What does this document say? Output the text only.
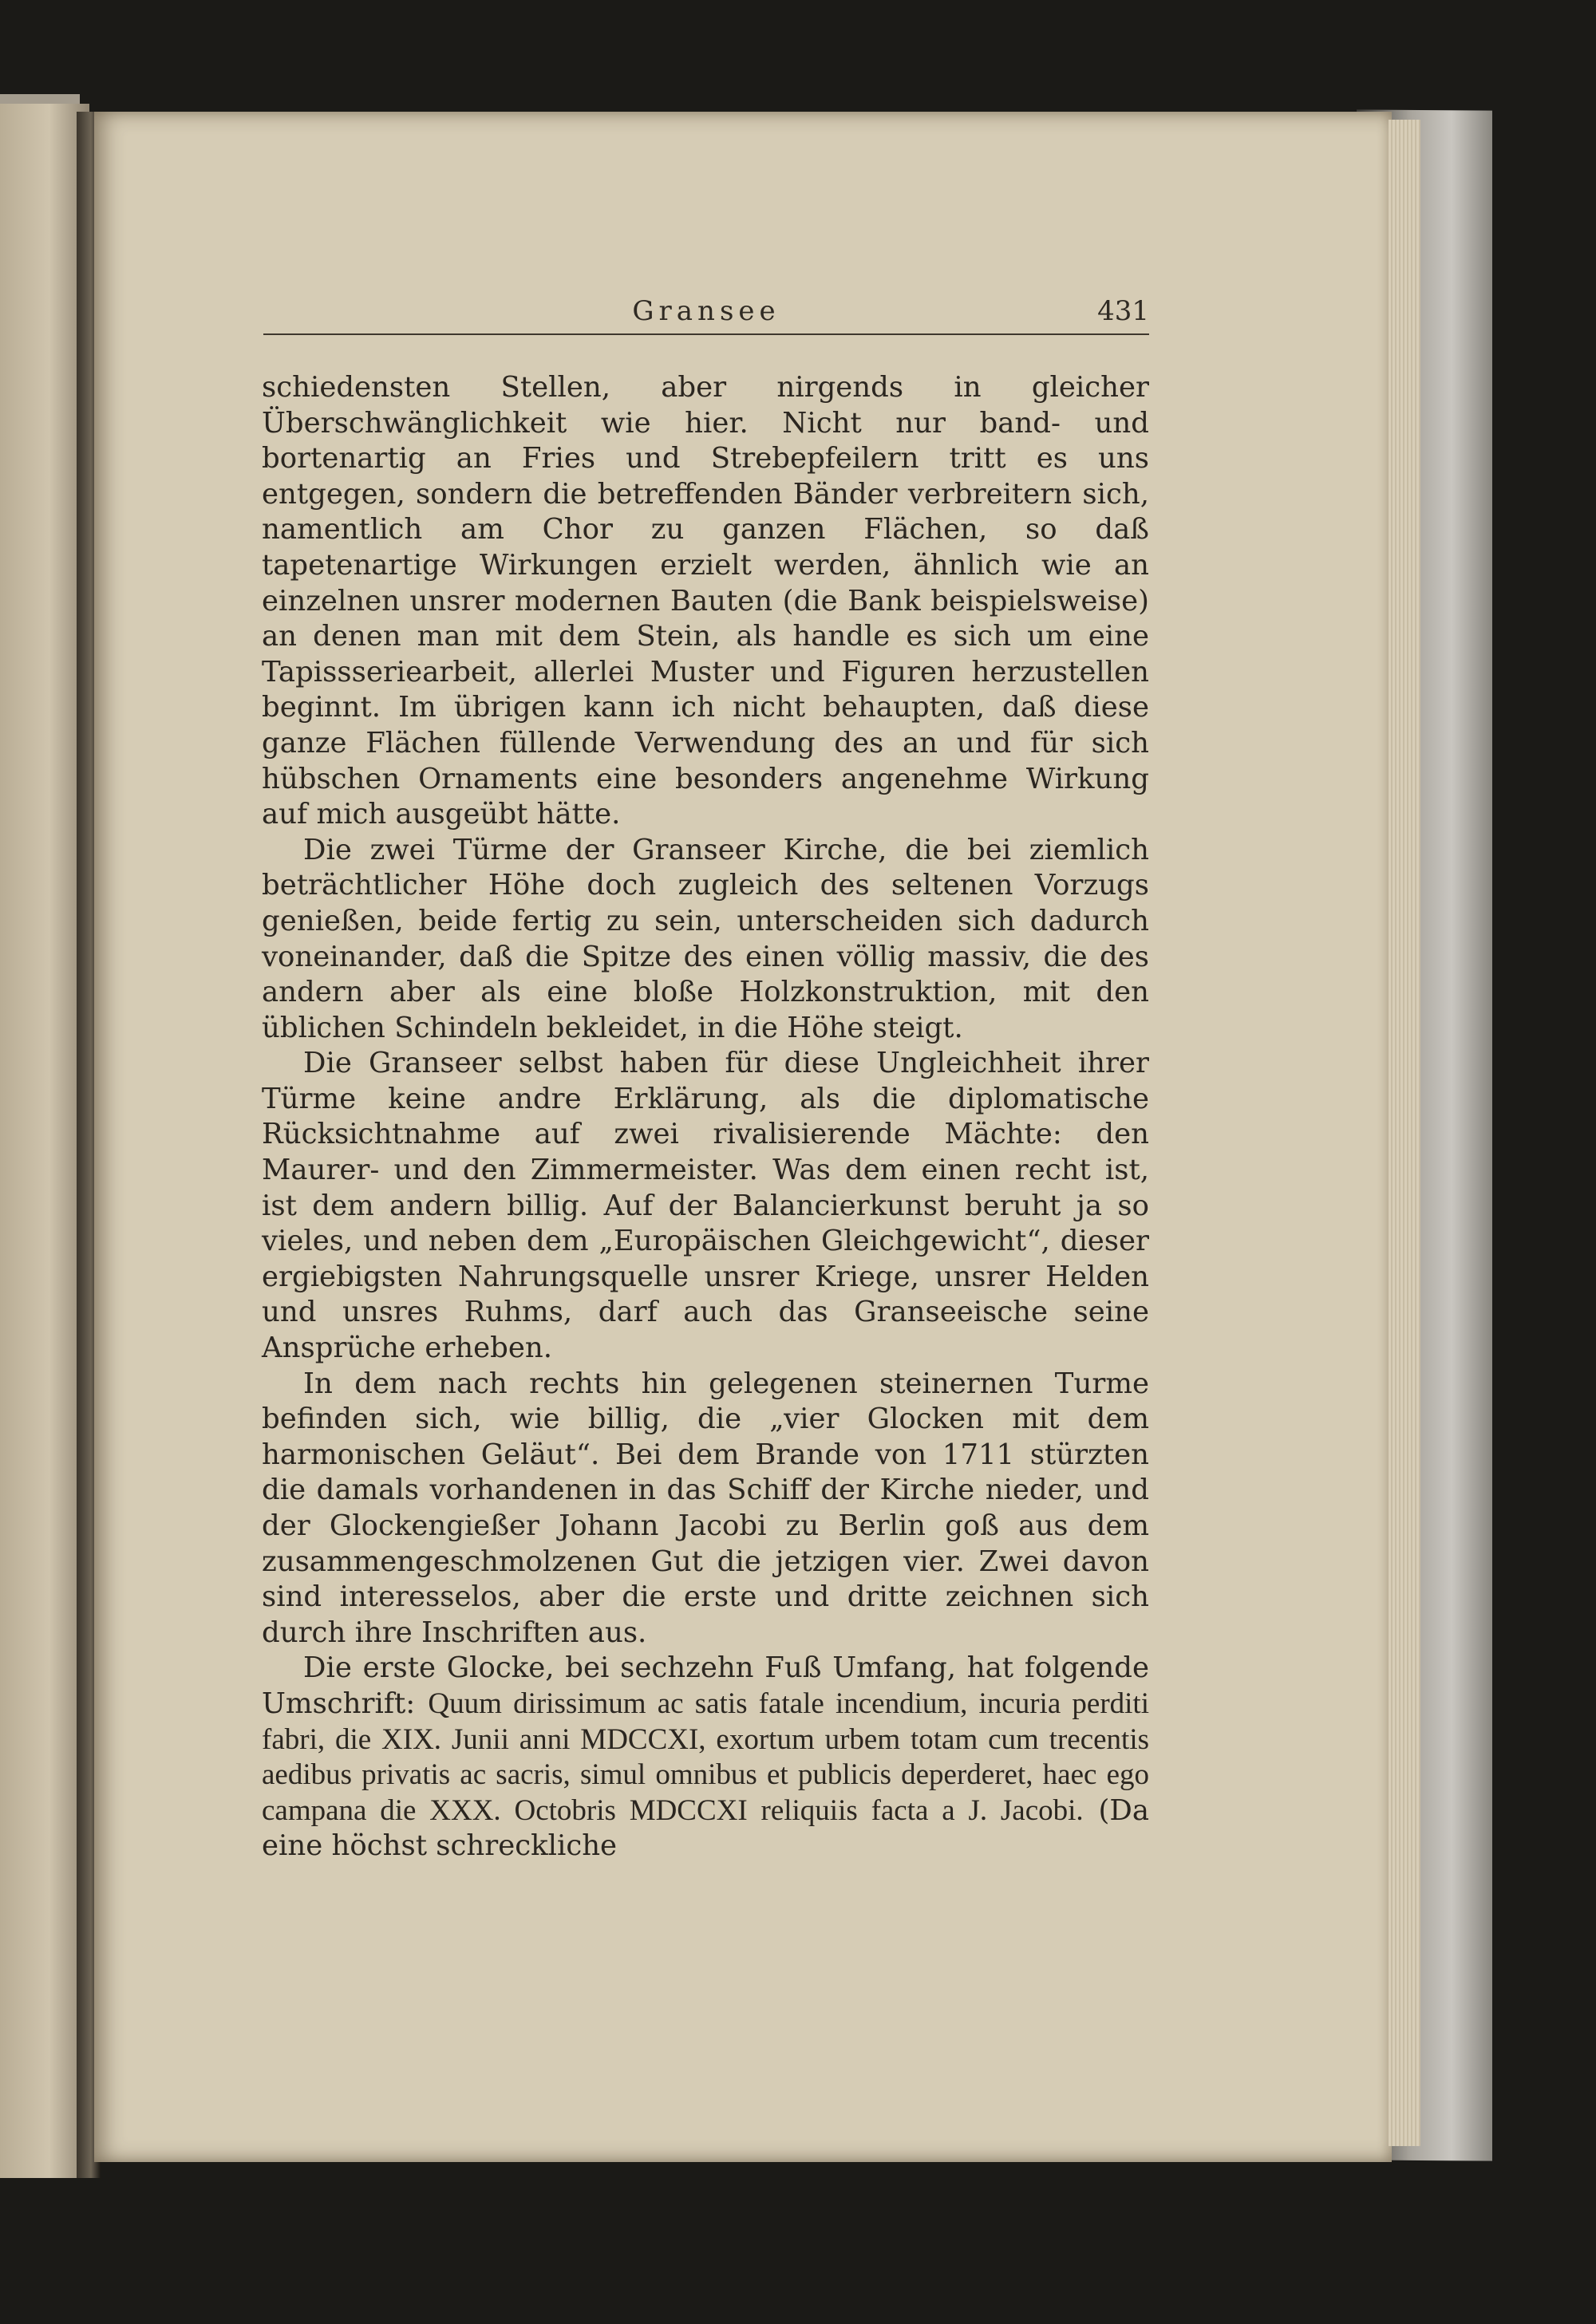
Gransee	431

schiedensten Stellen, aber nirgends in gleicher Überschwänglichkeit wie hier. Nicht nur band- und bortenartig an Fries und Strebepfeilern tritt es uns entgegen, sondern die betreffenden Bänder verbreitern sich, namentlich am Chor zu ganzen Flächen, so daß tapetenartige Wirkungen erzielt werden, ähnlich wie an einzelnen unsrer modernen Bauten (die Bank beispielsweise) an denen man mit dem Stein, als handle es sich um eine Tapissseriearbeit, allerlei Muster und Figuren herzustellen beginnt. Im übrigen kann ich nicht behaupten, daß diese ganze Flächen füllende Verwendung des an und für sich hübschen Ornaments eine besonders angenehme Wirkung auf mich ausgeübt hätte.

Die zwei Türme der Granseer Kirche, die bei ziemlich beträchtlicher Höhe doch zugleich des seltenen Vorzugs genießen, beide fertig zu sein, unterscheiden sich dadurch voneinander, daß die Spitze des einen völlig massiv, die des andern aber als eine bloße Holzkonstruktion, mit den üblichen Schindeln bekleidet, in die Höhe steigt.

Die Granseer selbst haben für diese Ungleichheit ihrer Türme keine andre Erklärung, als die diplomatische Rücksichtnahme auf zwei rivalisierende Mächte: den Maurer- und den Zimmermeister. Was dem einen recht ist, ist dem andern billig. Auf der Balancierkunst beruht ja so vieles, und neben dem „Europäischen Gleichgewicht“, dieser ergiebigsten Nahrungsquelle unsrer Kriege, unsrer Helden und unsres Ruhms, darf auch das Granseeische seine Ansprüche erheben.

In dem nach rechts hin gelegenen steinernen Turme befinden sich, wie billig, die „vier Glocken mit dem harmonischen Geläut“. Bei dem Brande von 1711 stürzten die damals vorhandenen in das Schiff der Kirche nieder, und der Glockengießer Johann Jacobi zu Berlin goß aus dem zusammengeschmolzenen Gut die jetzigen vier. Zwei davon sind interesselos, aber die erste und dritte zeichnen sich durch ihre Inschriften aus.

Die erste Glocke, bei sechzehn Fuß Umfang, hat folgende Umschrift: Quum dirissimum ac satis fatale incendium, incuria perditi fabri, die XIX. Junii anni MDCCXI, exortum urbem totam cum trecentis aedibus privatis ac sacris, simul omnibus et publicis deperderet, haec ego campana die XXX. Octobris MDCCXI reliquiis facta a J. Jacobi. (Da eine höchst schreckliche
